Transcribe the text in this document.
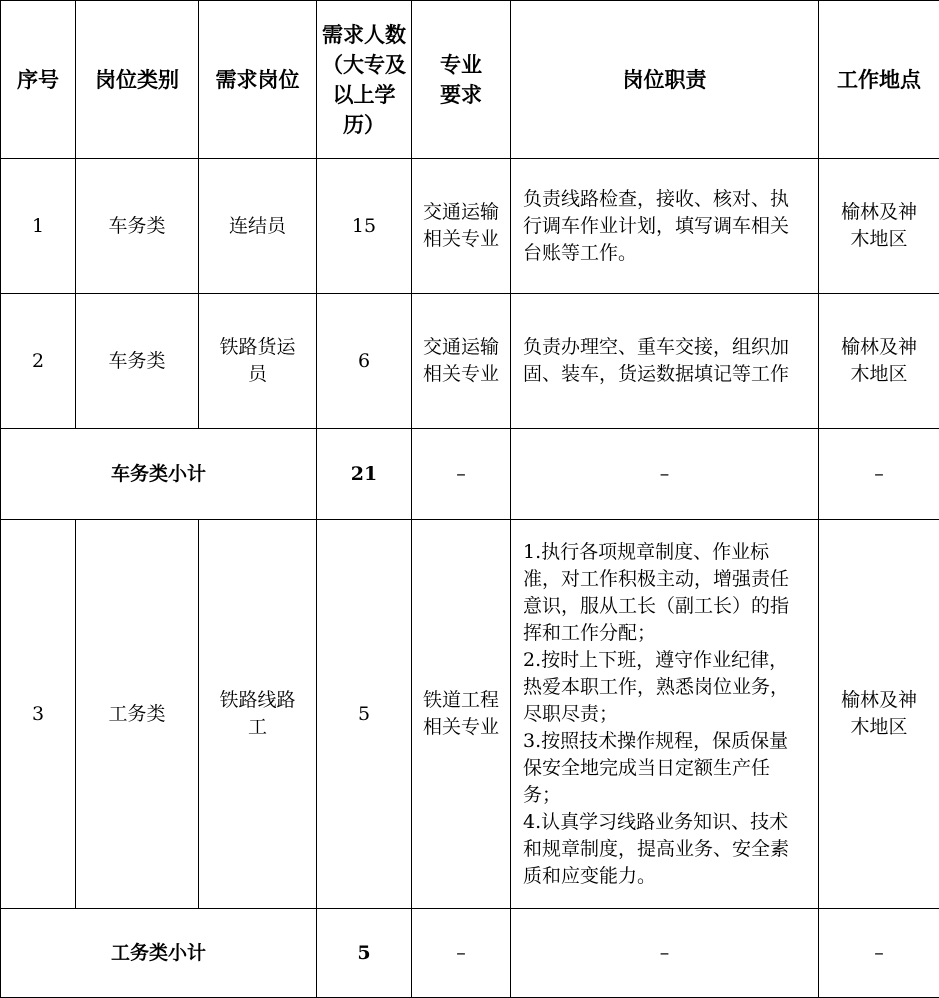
序号	岗位类别	需求岗位	需求人数（大专及以上学历）	专业要求	岗位职责	工作地点
1	车务类	连结员	15	交通运输相关专业	负责线路检查，接收、核对、执行调车作业计划，填写调车相关台账等工作。	榆林及神木地区
2	车务类	铁路货运员	6	交通运输相关专业	负责办理空、重车交接，组织加固、装车，货运数据填记等工作	榆林及神木地区
车务类小计			21	–	–	–
3	工务类	铁路线路工	5	铁道工程相关专业	1.执行各项规章制度、作业标准，对工作积极主动，增强责任意识，服从工长（副工长）的指挥和工作分配；
2.按时上下班，遵守作业纪律，热爱本职工作，熟悉岗位业务，尽职尽责；
3.按照技术操作规程，保质保量保安全地完成当日定额生产任务；
4.认真学习线路业务知识、技术和规章制度，提高业务、安全素质和应变能力。	榆林及神木地区
工务类小计			5	–	–	–
